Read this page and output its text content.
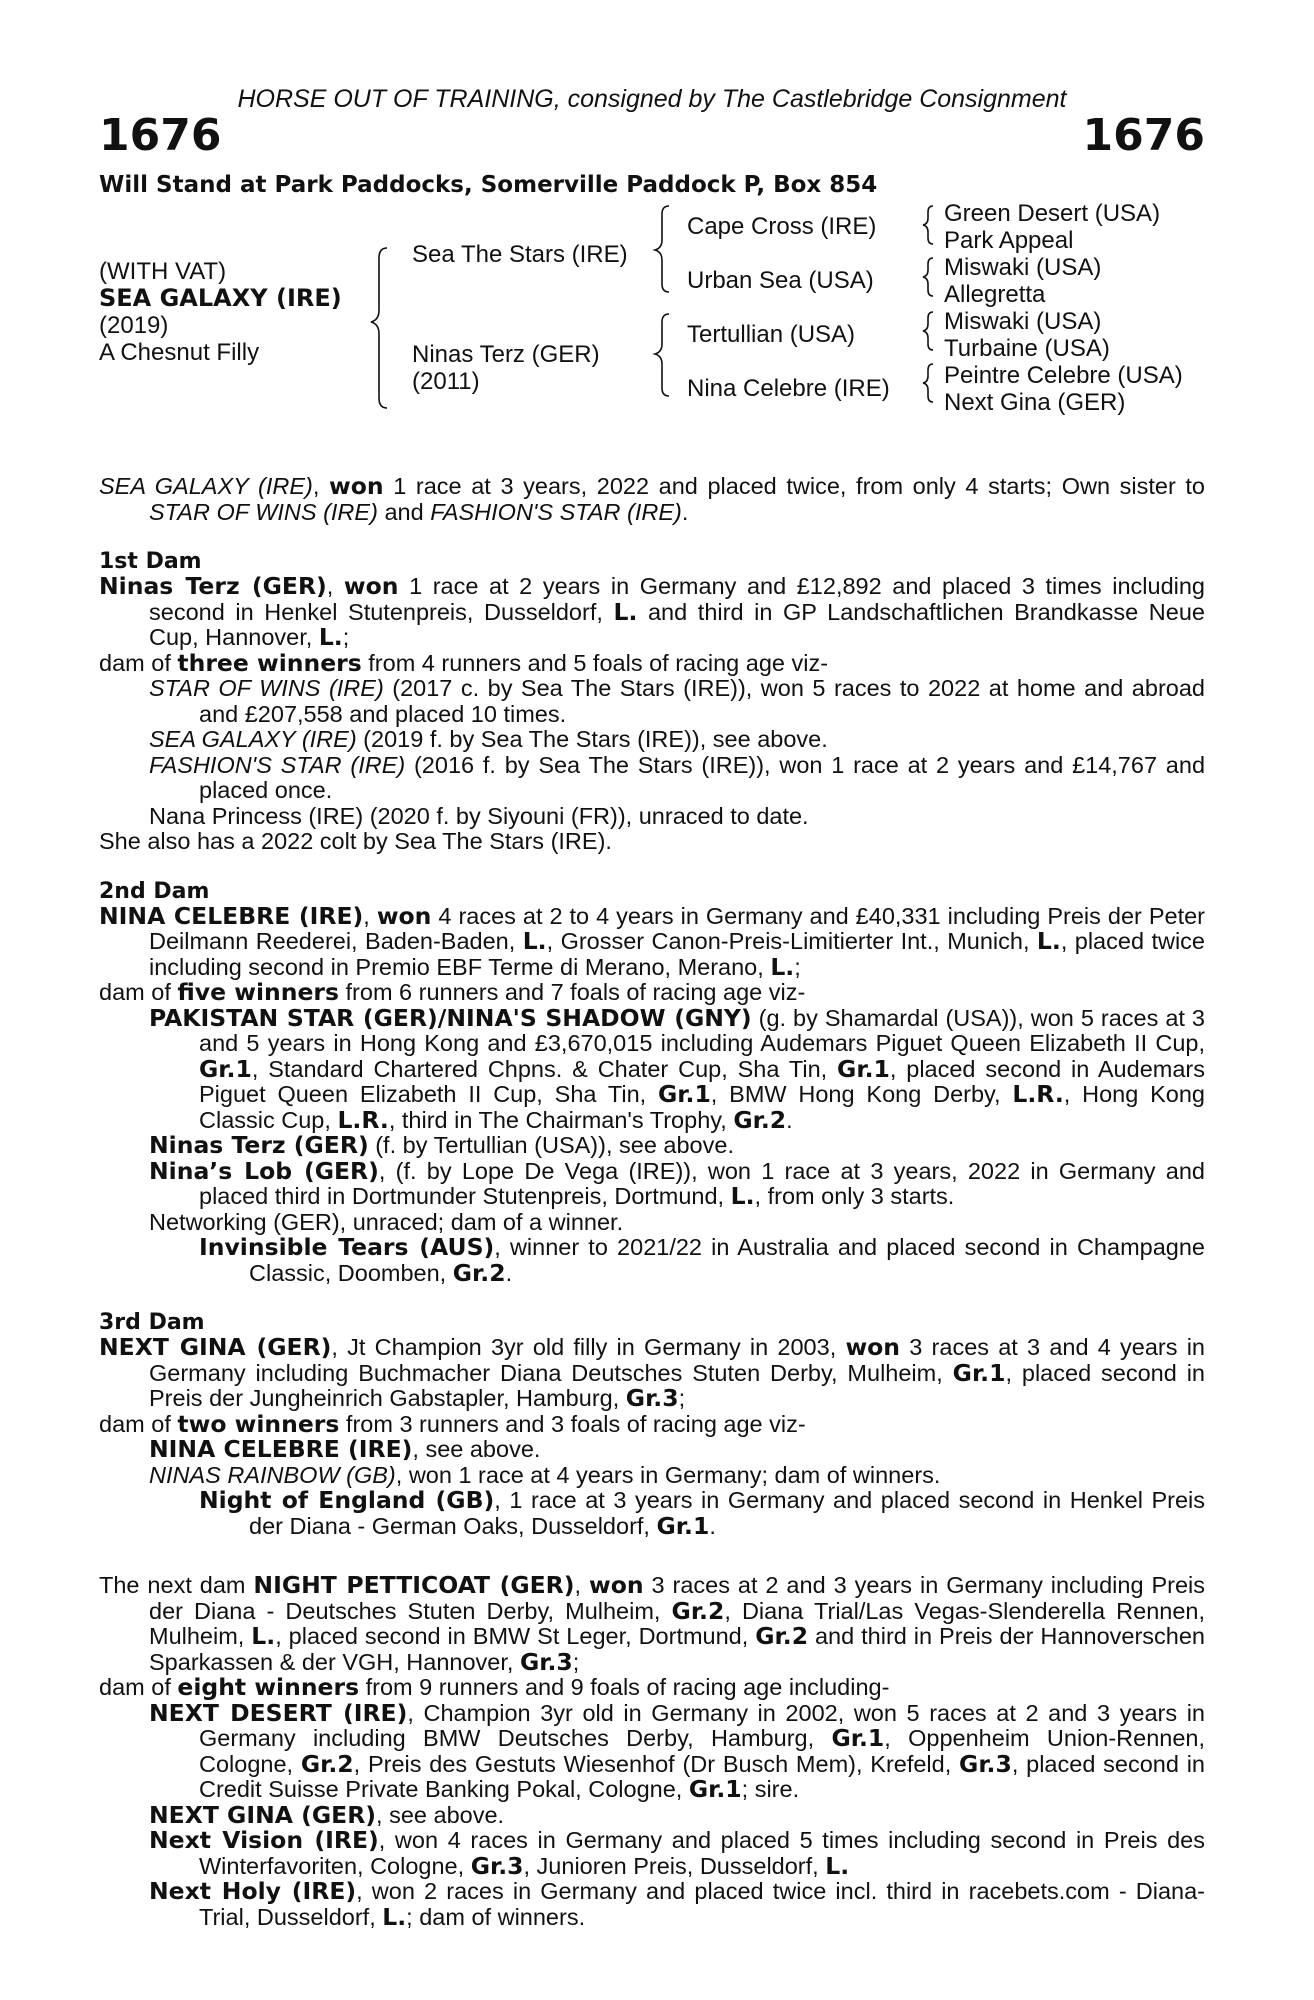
HORSE OUT OF TRAINING, consigned by The Castlebridge Consignment

1676	1676
Will Stand at Park Paddocks, Somerville Paddock P, Box 854
(WITH VAT)
SEA GALAXY (IRE)
(2019)
A Chesnut Filly
Sea The Stars (IRE)
Ninas Terz (GER)
(2011)
Cape Cross (IRE)
Urban Sea (USA)
Tertullian (USA)
Nina Celebre (IRE)
Green Desert (USA)
Park Appeal
Miswaki (USA)
Allegretta
Miswaki (USA)
Turbaine (USA)
Peintre Celebre (USA)
Next Gina (GER)
SEA GALAXY (IRE), won 1 race at 3 years, 2022 and placed twice, from only 4 starts; Own sister to STAR OF WINS (IRE) and FASHION'S STAR (IRE).
1st Dam
Ninas Terz (GER), won 1 race at 2 years in Germany and £12,892 and placed 3 times including second in Henkel Stutenpreis, Dusseldorf, L. and third in GP Landschaftlichen Brandkasse Neue Cup, Hannover, L.;
dam of three winners from 4 runners and 5 foals of racing age viz-
STAR OF WINS (IRE) (2017 c. by Sea The Stars (IRE)), won 5 races to 2022 at home and abroad and £207,558 and placed 10 times.
SEA GALAXY (IRE) (2019 f. by Sea The Stars (IRE)), see above.
FASHION'S STAR (IRE) (2016 f. by Sea The Stars (IRE)), won 1 race at 2 years and £14,767 and placed once.
Nana Princess (IRE) (2020 f. by Siyouni (FR)), unraced to date.
She also has a 2022 colt by Sea The Stars (IRE).
2nd Dam
NINA CELEBRE (IRE), won 4 races at 2 to 4 years in Germany and £40,331 including Preis der Peter Deilmann Reederei, Baden-Baden, L., Grosser Canon-Preis-Limitierter Int., Munich, L., placed twice including second in Premio EBF Terme di Merano, Merano, L.;
dam of five winners from 6 runners and 7 foals of racing age viz-
PAKISTAN STAR (GER)/NINA'S SHADOW (GNY) (g. by Shamardal (USA)), won 5 races at 3 and 5 years in Hong Kong and £3,670,015 including Audemars Piguet Queen Elizabeth II Cup, Gr.1, Standard Chartered Chpns. & Chater Cup, Sha Tin, Gr.1, placed second in Audemars Piguet Queen Elizabeth II Cup, Sha Tin, Gr.1, BMW Hong Kong Derby, L.R., Hong Kong Classic Cup, L.R., third in The Chairman's Trophy, Gr.2.
Ninas Terz (GER) (f. by Tertullian (USA)), see above.
Nina’s Lob (GER), (f. by Lope De Vega (IRE)), won 1 race at 3 years, 2022 in Germany and placed third in Dortmunder Stutenpreis, Dortmund, L., from only 3 starts.
Networking (GER), unraced; dam of a winner.
Invinsible Tears (AUS), winner to 2021/22 in Australia and placed second in Champagne Classic, Doomben, Gr.2.
3rd Dam
NEXT GINA (GER), Jt Champion 3yr old filly in Germany in 2003, won 3 races at 3 and 4 years in Germany including Buchmacher Diana Deutsches Stuten Derby, Mulheim, Gr.1, placed second in Preis der Jungheinrich Gabstapler, Hamburg, Gr.3;
dam of two winners from 3 runners and 3 foals of racing age viz-
NINA CELEBRE (IRE), see above.
NINAS RAINBOW (GB), won 1 race at 4 years in Germany; dam of winners.
Night of England (GB), 1 race at 3 years in Germany and placed second in Henkel Preis der Diana - German Oaks, Dusseldorf, Gr.1.
The next dam NIGHT PETTICOAT (GER), won 3 races at 2 and 3 years in Germany including Preis der Diana - Deutsches Stuten Derby, Mulheim, Gr.2, Diana Trial/Las Vegas-Slenderella Rennen, Mulheim, L., placed second in BMW St Leger, Dortmund, Gr.2 and third in Preis der Hannoverschen Sparkassen & der VGH, Hannover, Gr.3;
dam of eight winners from 9 runners and 9 foals of racing age including-
NEXT DESERT (IRE), Champion 3yr old in Germany in 2002, won 5 races at 2 and 3 years in Germany including BMW Deutsches Derby, Hamburg, Gr.1, Oppenheim Union-Rennen, Cologne, Gr.2, Preis des Gestuts Wiesenhof (Dr Busch Mem), Krefeld, Gr.3, placed second in Credit Suisse Private Banking Pokal, Cologne, Gr.1; sire.
NEXT GINA (GER), see above.
Next Vision (IRE), won 4 races in Germany and placed 5 times including second in Preis des Winterfavoriten, Cologne, Gr.3, Junioren Preis, Dusseldorf, L.
Next Holy (IRE), won 2 races in Germany and placed twice incl. third in racebets.com - Diana-Trial, Dusseldorf, L.; dam of winners.
